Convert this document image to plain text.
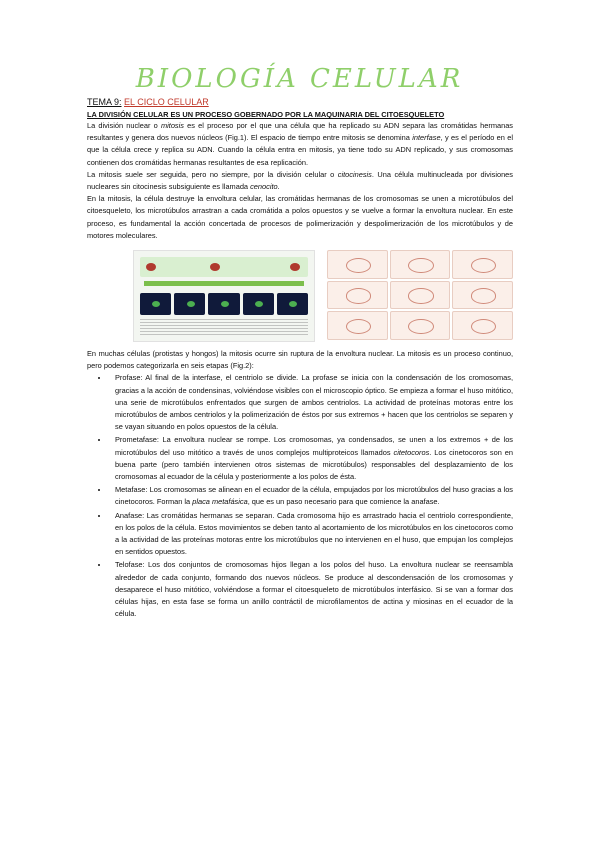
BIOLOGÍA CELULAR
TEMA 9: EL CICLO CELULAR
LA DIVISIÓN CELULAR ES UN PROCESO GOBERNADO POR LA MAQUINARIA DEL CITOESQUELETO

La división nuclear o mitosis es el proceso por el que una célula que ha replicado su ADN separa las cromátidas hermanas resultantes y genera dos nuevos núcleos (Fig.1). El espacio de tiempo entre mitosis se denomina interfase, y es el período en el que la célula crece y replica su ADN. Cuando la célula entra en mitosis, ya tiene todo su ADN replicado, y sus cromosomas contienen dos cromátidas hermanas resultantes de esa replicación.

La mitosis suele ser seguida, pero no siempre, por la división celular o citocinesis. Una célula multinucleada por divisiones nucleares sin citocinesis subsiguiente es llamada cenocito.

En la mitosis, la célula destruye la envoltura celular, las cromátidas hermanas de los cromosomas se unen a microtúbulos del citoesqueleto, los microtúbulos arrastran a cada cromátida a polos opuestos y se vuelve a formar la envoltura nuclear. En este proceso, es fundamental la acción concertada de procesos de polimerización y despolimerización de los microtúbulos y de motores moleculares.

En muchas células (protistas y hongos) la mitosis ocurre sin ruptura de la envoltura nuclear. La mitosis es un proceso continuo, pero podemos categorizarla en seis etapas (Fig.2):

• Profase: Al final de la interfase, el centriolo se divide. La profase se inicia con la condensación de los cromosomas, gracias a la acción de condensinas, volviéndose visibles con el microscopio óptico. Se empieza a formar el huso mitótico, una serie de microtúbulos enfrentados que surgen de ambos centriolos. La actividad de proteínas motoras entre los microtúbulos de ambos centriolos y la polimerización de éstos por sus extremos + hacen que los centriolos se separen y se vayan situando en polos opuestos de la célula.
• Prometafase: La envoltura nuclear se rompe. Los cromosomas, ya condensados, se unen a los extremos + de los microtúbulos del uso mitótico a través de unos complejos multiproteicos llamados citetocoros. Los cinetocoros son en buena parte (pero también intervienen otros sistemas de microtúbulos) responsables del desplazamiento de los cromosomas al ecuador de la célula y posteriormente a los polos de ésta.
• Metafase: Los cromosomas se alinean en el ecuador de la célula, empujados por los microtúbulos del huso gracias a los cinetocoros. Forman la placa metafásica, que es un paso necesario para que comience la anafase.
• Anafase: Las cromátidas hermanas se separan. Cada cromosoma hijo es arrastrado hacia el centriolo correspondiente, en los polos de la célula. Estos movimientos se deben tanto al acortamiento de los microtúbulos en los cinetocoros como a la actividad de las proteínas motoras entre los microtúbulos que no intervienen en el huso, que empujan los complejos en sentidos opuestos.
• Telofase: Los dos conjuntos de cromosomas hijos llegan a los polos del huso. La envoltura nuclear se reensambla alrededor de cada conjunto, formando dos nuevos núcleos. Se produce al descondensación de los cromosomas y desaparece el huso mitótico, volviéndose a formar el citoesqueleto de microtúbulos interfásico. Si se van a formar dos células hijas, en esta fase se forma un anillo contráctil de microfilamentos de actina y miosinas en el ecuador de la célula.
